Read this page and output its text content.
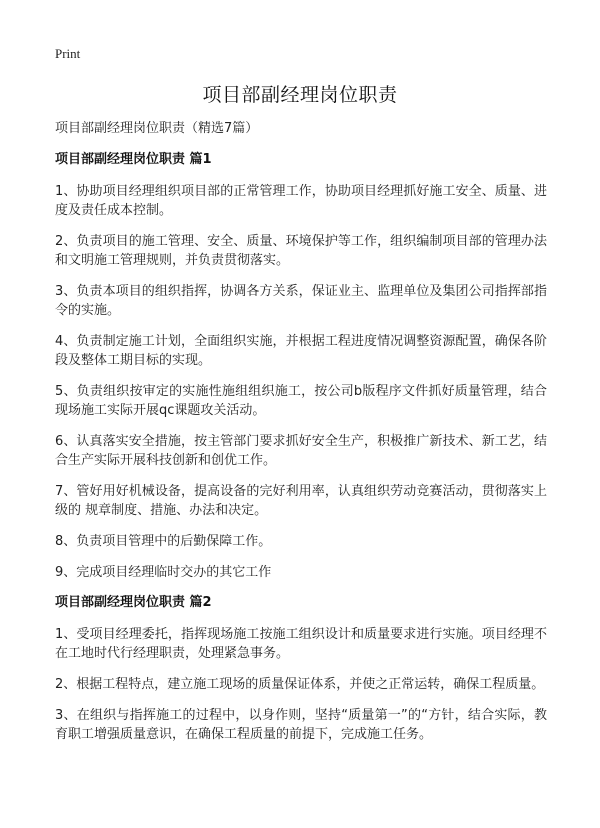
Print
项目部副经理岗位职责

项目部副经理岗位职责（精选7篇）

项目部副经理岗位职责 篇1

1、协助项目经理组织项目部的正常管理工作，协助项目经理抓好施工安全、质量、进度及责任成本控制。

2、负责项目的施工管理、安全、质量、环境保护等工作，组织编制项目部的管理办法和文明施工管理规则，并负责贯彻落实。

3、负责本项目的组织指挥，协调各方关系，保证业主、监理单位及集团公司指挥部指令的实施。

4、负责制定施工计划，全面组织实施，并根据工程进度情况调整资源配置，确保各阶段及整体工期目标的实现。

5、负责组织按审定的实施性施组组织施工，按公司b版程序文件抓好质量管理，结合现场施工实际开展qc课题攻关活动。

6、认真落实安全措施，按主管部门要求抓好安全生产，积极推广新技术、新工艺，结合生产实际开展科技创新和创优工作。

7、管好用好机械设备，提高设备的完好利用率，认真组织劳动竞赛活动，贯彻落实上级的 规章制度、措施、办法和决定。

8、负责项目管理中的后勤保障工作。

9、完成项目经理临时交办的其它工作

项目部副经理岗位职责 篇2

1、受项目经理委托，指挥现场施工按施工组织设计和质量要求进行实施。项目经理不在工地时代行经理职责，处理紧急事务。

2、根据工程特点，建立施工现场的质量保证体系，并使之正常运转，确保工程质量。

3、在组织与指挥施工的过程中，以身作则，坚持“质量第一”的“方针，结合实际，教育职工增强质量意识，在确保工程质量的前提下，完成施工任务。
